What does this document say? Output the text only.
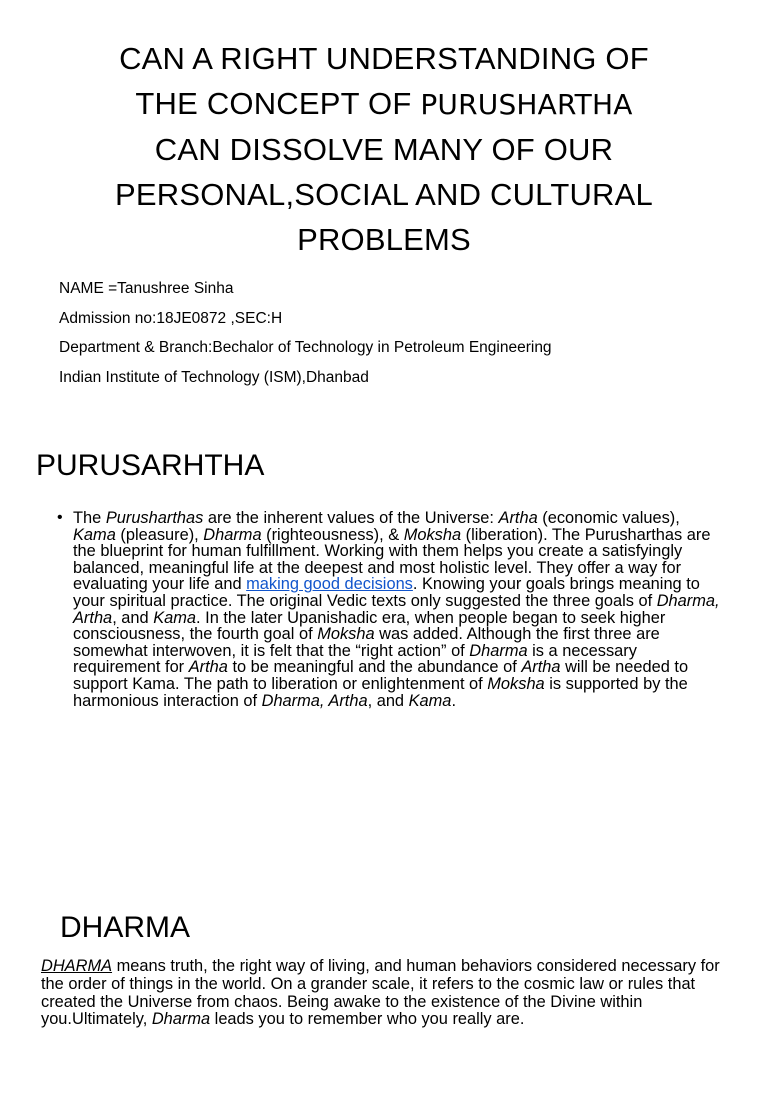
CAN A RIGHT UNDERSTANDING OF
THE CONCEPT OF PURUSHARTHA
CAN DISSOLVE MANY OF OUR
PERSONAL,SOCIAL AND CULTURAL
PROBLEMS
NAME =Tanushree Sinha
Admission no:18JE0872 ,SEC:H
Department & Branch:Bechalor of Technology in Petroleum Engineering
Indian Institute of Technology (ISM),Dhanbad
PURUSARHTHA
• The Purusharthas are the inherent values of the Universe: Artha (economic values), Kama (pleasure), Dharma (righteousness), & Moksha (liberation). The Purusharthas are the blueprint for human fulfillment. Working with them helps you create a satisfyingly balanced, meaningful life at the deepest and most holistic level. They offer a way for evaluating your life and making good decisions. Knowing your goals brings meaning to your spiritual practice. The original Vedic texts only suggested the three goals of Dharma, Artha, and Kama. In the later Upanishadic era, when people began to seek higher consciousness, the fourth goal of Moksha was added. Although the first three are somewhat interwoven, it is felt that the “right action” of Dharma is a necessary requirement for Artha to be meaningful and the abundance of Artha will be needed to support Kama. The path to liberation or enlightenment of Moksha is supported by the harmonious interaction of Dharma, Artha, and Kama.
DHARMA
DHARMA means truth, the right way of living, and human behaviors considered necessary for the order of things in the world. On a grander scale, it refers to the cosmic law or rules that created the Universe from chaos. Being awake to the existence of the Divine within you.Ultimately, Dharma leads you to remember who you really are.
